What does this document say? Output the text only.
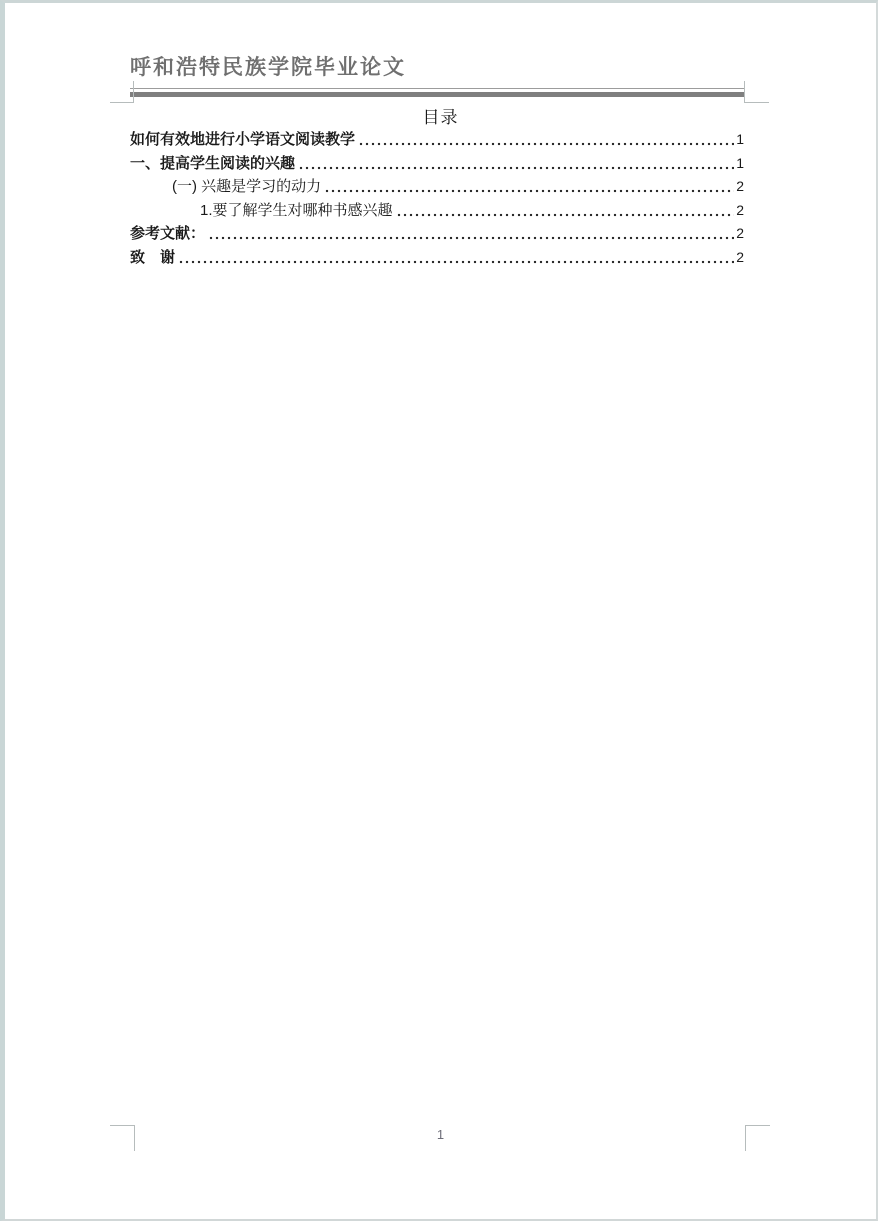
呼和浩特民族学院毕业论文
目录
如何有效地进行小学语文阅读教学	1
一、提高学生阅读的兴趣	1
(一) 兴趣是学习的动力	2
1.要了解学生对哪种书感兴趣	2
参考文献：	2
致　谢	2
1
